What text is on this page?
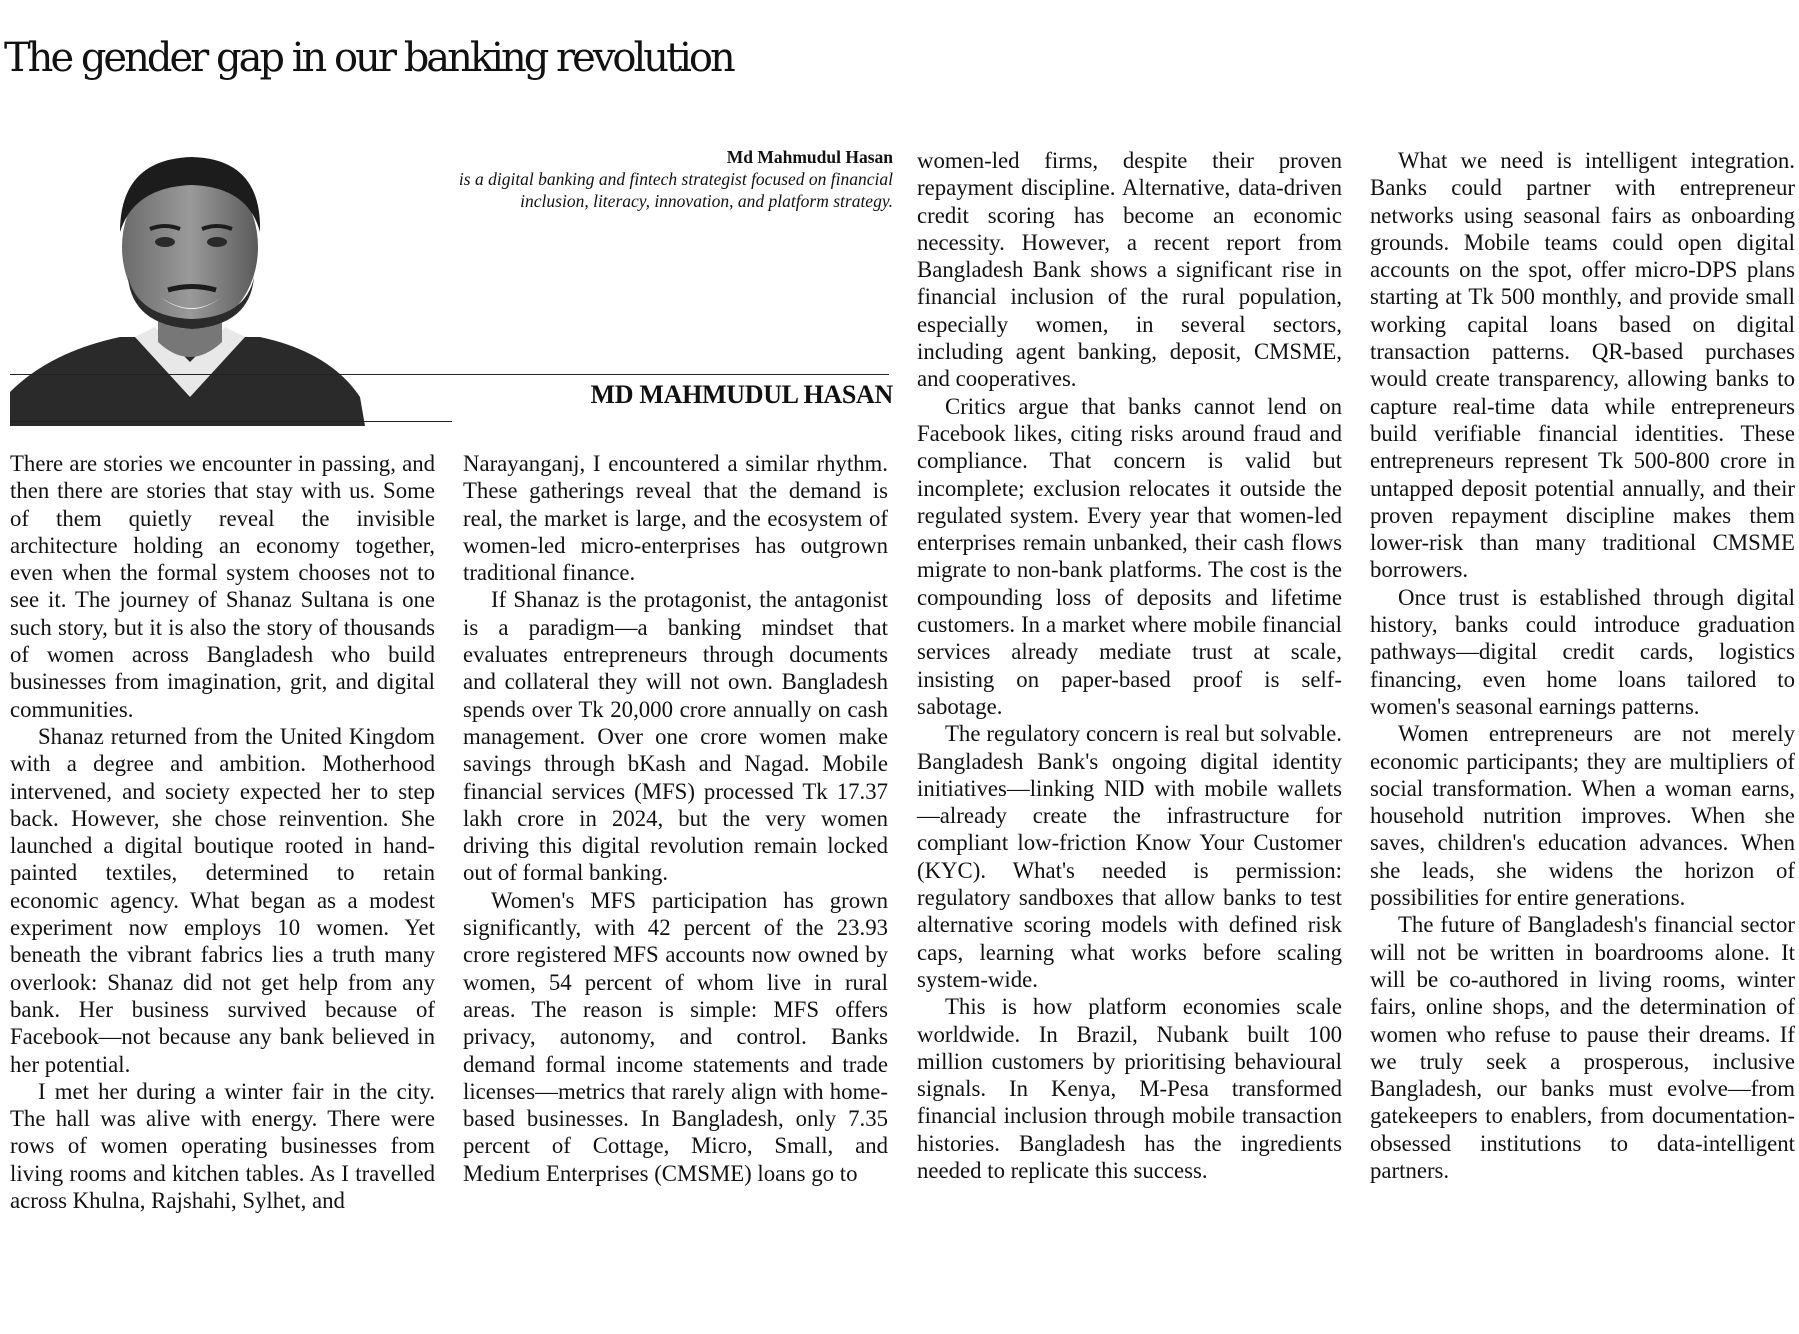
The gender gap in our banking revolution
Md Mahmudul Hasan
is a digital banking and fintech strategist focused on financial inclusion, literacy, innovation, and platform strategy.
MD MAHMUDUL HASAN

There are stories we encounter in passing, and then there are stories that stay with us. Some of them quietly reveal the invisible architecture holding an economy together, even when the formal system chooses not to see it. The journey of Shanaz Sultana is one such story, but it is also the story of thousands of women across Bangladesh who build businesses from imagination, grit, and digital communities.

Shanaz returned from the United Kingdom with a degree and ambition. Motherhood intervened, and society expected her to step back. However, she chose reinvention. She launched a digital boutique rooted in hand-painted textiles, determined to retain economic agency. What began as a modest experiment now employs 10 women. Yet beneath the vibrant fabrics lies a truth many overlook: Shanaz did not get help from any bank. Her business survived because of Facebook—not because any bank believed in her potential.

I met her during a winter fair in the city. The hall was alive with energy. There were rows of women operating businesses from living rooms and kitchen tables. As I travelled across Khulna, Rajshahi, Sylhet, and

Narayanganj, I encountered a similar rhythm. These gatherings reveal that the demand is real, the market is large, and the ecosystem of women-led micro-enterprises has outgrown traditional finance.

If Shanaz is the protagonist, the antagonist is a paradigm—a banking mindset that evaluates entrepreneurs through documents and collateral they will not own. Bangladesh spends over Tk 20,000 crore annually on cash management. Over one crore women make savings through bKash and Nagad. Mobile financial services (MFS) processed Tk 17.37 lakh crore in 2024, but the very women driving this digital revolution remain locked out of formal banking.

Women's MFS participation has grown significantly, with 42 percent of the 23.93 crore registered MFS accounts now owned by women, 54 percent of whom live in rural areas. The reason is simple: MFS offers privacy, autonomy, and control. Banks demand formal income statements and trade licenses—metrics that rarely align with home-based businesses. In Bangladesh, only 7.35 percent of Cottage, Micro, Small, and Medium Enterprises (CMSME) loans go to

women-led firms, despite their proven repayment discipline. Alternative, data-driven credit scoring has become an economic necessity. However, a recent report from Bangladesh Bank shows a significant rise in financial inclusion of the rural population, especially women, in several sectors, including agent banking, deposit, CMSME, and cooperatives.

Critics argue that banks cannot lend on Facebook likes, citing risks around fraud and compliance. That concern is valid but incomplete; exclusion relocates it outside the regulated system. Every year that women-led enterprises remain unbanked, their cash flows migrate to non-bank platforms. The cost is the compounding loss of deposits and lifetime customers. In a market where mobile financial services already mediate trust at scale, insisting on paper-based proof is self-sabotage.

The regulatory concern is real but solvable. Bangladesh Bank's ongoing digital identity initiatives—linking NID with mobile wallets—already create the infrastructure for compliant low-friction Know Your Customer (KYC). What's needed is permission: regulatory sandboxes that allow banks to test alternative scoring models with defined risk caps, learning what works before scaling system-wide.

This is how platform economies scale worldwide. In Brazil, Nubank built 100 million customers by prioritising behavioural signals. In Kenya, M-Pesa transformed financial inclusion through mobile transaction histories. Bangladesh has the ingredients needed to replicate this success.

What we need is intelligent integration. Banks could partner with entrepreneur networks using seasonal fairs as onboarding grounds. Mobile teams could open digital accounts on the spot, offer micro-DPS plans starting at Tk 500 monthly, and provide small working capital loans based on digital transaction patterns. QR-based purchases would create transparency, allowing banks to capture real-time data while entrepreneurs build verifiable financial identities. These entrepreneurs represent Tk 500-800 crore in untapped deposit potential annually, and their proven repayment discipline makes them lower-risk than many traditional CMSME borrowers.

Once trust is established through digital history, banks could introduce graduation pathways—digital credit cards, logistics financing, even home loans tailored to women's seasonal earnings patterns.

Women entrepreneurs are not merely economic participants; they are multipliers of social transformation. When a woman earns, household nutrition improves. When she saves, children's education advances. When she leads, she widens the horizon of possibilities for entire generations.

The future of Bangladesh's financial sector will not be written in boardrooms alone. It will be co-authored in living rooms, winter fairs, online shops, and the determination of women who refuse to pause their dreams. If we truly seek a prosperous, inclusive Bangladesh, our banks must evolve—from gatekeepers to enablers, from documentation-obsessed institutions to data-intelligent partners.
